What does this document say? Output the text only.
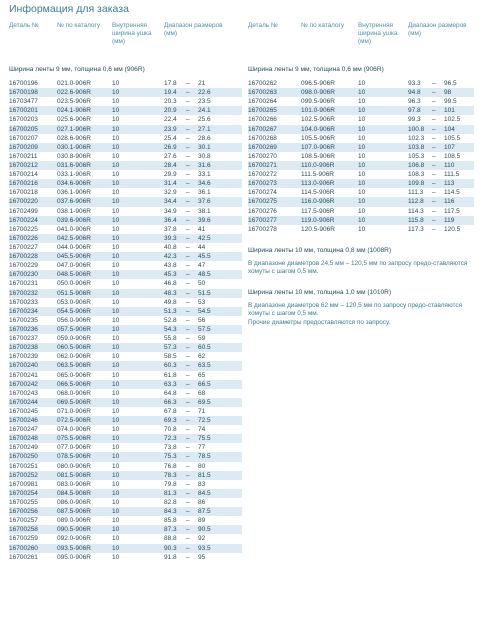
Информация для заказа
Деталь №	№ по каталогу	Внутренняя ширина ушка (мм)
Диапазон размеров (мм)
Ширина ленты 9 мм, толщина 0,6 мм (906R)
16700196	021.0-906R	10	17.8	–	21
16700198	022.6-906R	10	19.4	–	22.6
16703477	023.5-906R	10	20.3	–	23.5
16700201	024.1-906R	10	20.9	–	24.1
16700203	025.6-906R	10	22.4	–	25.6
16700205	027.1-906R	10	23.9	–	27.1
16700207	028.6-906R	10	25.4	–	28.6
16700209	030.1-906R	10	26.9	–	30.1
16700211	030.8-906R	10	27.6	–	30.8
16700212	031.6-906R	10	28.4	–	31.6
16700214	033.1-906R	10	29.9	–	33.1
16700216	034.6-906R	10	31.4	–	34.6
16700218	036.1-906R	10	32.9	–	36.1
16700220	037.6-906R	10	34.4	–	37.6
16702499	038.1-906R	10	34.9	–	38.1
16700224	039.6-906R	10	36.4	–	39.6
16700225	041.0-906R	10	37.8	–	41
16700226	042.5-906R	10	39.3	–	42.5
16700227	044.0-906R	10	40.8	–	44
16700228	045.5-906R	10	42.3	–	45.5
16700229	047.0-906R	10	43.8	–	47
16700230	048.5-906R	10	45.3	–	48.5
16700231	050.0-906R	10	46.8	–	50
16700232	051.5-906R	10	48.3	–	51.5
16700233	053.0-906R	10	49.8	–	53
16700234	054.5-906R	10	51.3	–	54.5
16700235	056.0-906R	10	52.8	–	56
16700236	057.5-906R	10	54.3	–	57.5
16700237	059.0-906R	10	55.8	–	59
16700238	060.5-906R	10	57.3	–	60.5
16700239	062.0-906R	10	58.5	–	62
16700240	063.5-906R	10	60.3	–	63.5
16700241	065.0-906R	10	61.8	–	65
16700242	066.5-906R	10	63.3	–	66.5
16700243	068.0-906R	10	64.8	–	68
16700244	069.5-906R	10	66.3	–	69.5
16700245	071.0-906R	10	67.8	–	71
16700246	072.5-906R	10	69.3	–	72.5
16700247	074.0-906R	10	70.8	–	74
16700248	075.5-906R	10	72.3	–	75.5
16700249	077.0-906R	10	73.8	–	77
16700250	078.5-906R	10	75.3	–	78.5
16700251	080.0-906R	10	76.8	–	80
16700252	081.5-906R	10	78.3	–	81.5
16700981	083.0-906R	10	79.8	–	83
16700254	084.5-906R	10	81.3	–	84.5
16700255	086.0-906R	10	82.8	–	86
16700256	087.5-906R	10	84.3	–	87.5
16700257	089.0-906R	10	85.8	–	89
16700258	090.5-906R	10	87.3	–	90.5
16700259	092.0-906R	10	88.8	–	92
16700260	093.5-906R	10	90.3	–	93.5
16700261	095.0-906R	10	91.8	–	95
Деталь №	№ по каталогу	Внутренняя ширина ушка (мм)
Диапазон размеров (мм)
Ширина ленты 9 мм, толщина 0,6 мм (906R)
16700262	096.5-906R	10	93.3	–	96.5
16700263	098.0-906R	10	94.8	–	98
16700264	099.5-906R	10	96.3	–	99.5
16700265	101.0-906R	10	97.8	–	101
16700266	102.5-906R	10	99.3	–	102.5
16700267	104.0-906R	10	100.8	–	104
16700268	105.5-906R	10	102.3	–	105.5
16700269	107.0-906R	10	103.8	–	107
16700270	108.5-906R	10	105.3	–	108.5
16700271	110.0-906R	10	106.8	–	110
16700272	111.5-906R	10	108.3	–	111.5
16700273	113.0-906R	10	109.8	–	113
16700274	114.5-906R	10	111.3	–	114.5
16700275	116.0-906R	10	112.8	–	116
16700276	117.5-906R	10	114.3	–	117.5
16700277	119.0-906R	10	115.8	–	119
16700278	120.5-906R	10	117.3	–	120.5
Ширина ленты 10 мм, толщина 0,8 мм (1008R)
В диапазоне диаметров 24,5 мм – 120,5 мм по запросу предо-ставляются хомуты с шагом 0,5 мм.
Ширина ленты 10 мм, толщина 1,0 мм (1010R)
В диапазоне диаметров 62 мм – 120,5 мм по запросу предо-ставляются хомуты с шагом 0,5 мм.
Прочие диаметры предоставляются по запросу.
